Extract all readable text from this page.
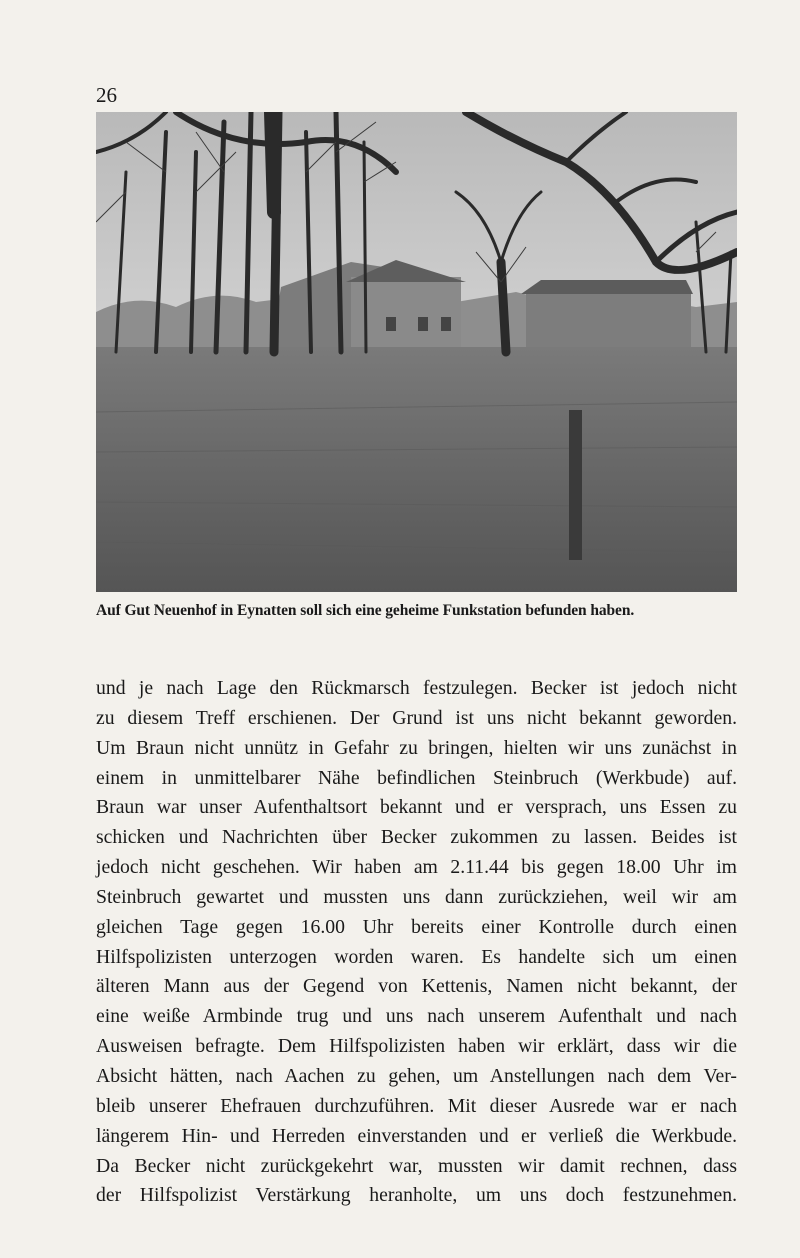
26
Auf Gut Neuenhof in Eynatten soll sich eine geheime Funkstation befunden haben.
und je nach Lage den Rückmarsch festzulegen. Becker ist jedoch nicht
zu diesem Treff erschienen. Der Grund ist uns nicht bekannt geworden.
Um Braun nicht unnütz in Gefahr zu bringen, hielten wir uns zunächst in
einem in unmittelbarer Nähe befindlichen Steinbruch (Werkbude) auf.
Braun war unser Aufenthaltsort bekannt und er versprach, uns Essen zu
schicken und Nachrichten über Becker zukommen zu lassen. Beides ist
jedoch nicht geschehen. Wir haben am 2.11.44 bis gegen 18.00 Uhr im
Steinbruch gewartet und mussten uns dann zurückziehen, weil wir am
gleichen Tage gegen 16.00 Uhr bereits einer Kontrolle durch einen
Hilfspolizisten unterzogen worden waren. Es handelte sich um einen
älteren Mann aus der Gegend von Kettenis, Namen nicht bekannt, der
eine weiße Armbinde trug und uns nach unserem Aufenthalt und nach
Ausweisen befragte. Dem Hilfspolizisten haben wir erklärt, dass wir die
Absicht hätten, nach Aachen zu gehen, um Anstellungen nach dem Ver-
bleib unserer Ehefrauen durchzuführen. Mit dieser Ausrede war er nach
längerem Hin- und Herreden einverstanden und er verließ die Werkbude.
Da Becker nicht zurückgekehrt war, mussten wir damit rechnen, dass
der Hilfspolizist Verstärkung heranholte, um uns doch festzunehmen.
